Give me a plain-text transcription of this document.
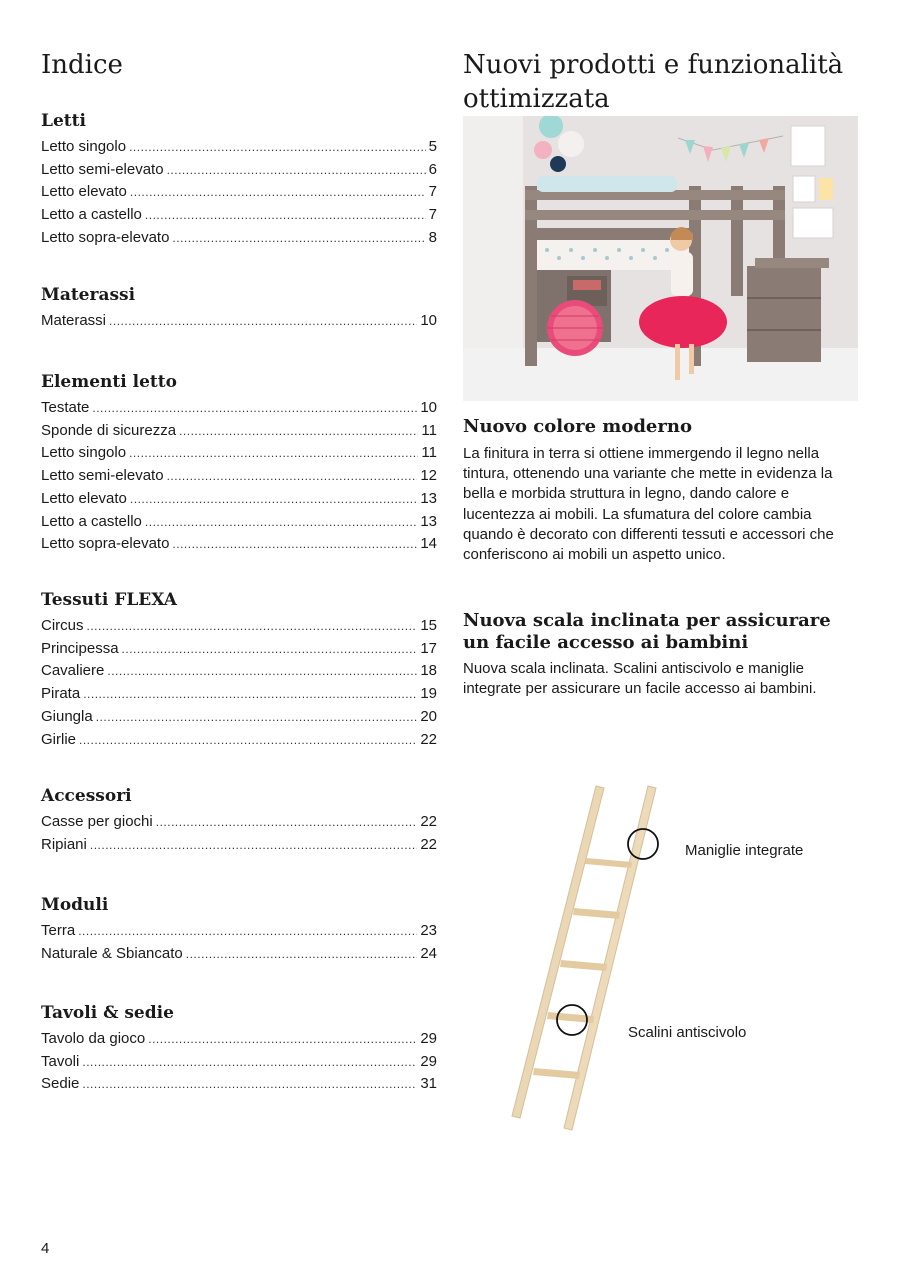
Indice
Letti
Letto singolo .....	5
Letto semi-elevato .....	6
Letto elevato .....	7
Letto a castello .....	7
Letto sopra-elevato .....	8
Materassi
Materassi .....	10
Elementi letto
Testate .....	10
Sponde di sicurezza .....	11
Letto singolo .....	11
Letto semi-elevato .....	12
Letto elevato .....	13
Letto a castello .....	13
Letto sopra-elevato .....	14
Tessuti FLEXA
Circus .....	15
Principessa .....	17
Cavaliere .....	18
Pirata .....	19
Giungla .....	20
Girlie .....	22
Accessori
Casse per giochi .....	22
Ripiani .....	22
Moduli
Terra .....	23
Naturale & Sbiancato .....	24
Tavoli & sedie
Tavolo da gioco .....	29
Tavoli .....	29
Sedie .....	31
Nuovi prodotti e funzionalità ottimizzata
Nuovo colore moderno

La finitura in terra si ottiene immergendo il legno nella tintura, ottenendo una variante che mette in evidenza la bella e morbida struttura in legno, dando calore e lucentezza ai mobili. La sfumatura del colore cambia quando è decorato con differenti tessuti e accessori che conferiscono ai mobili un aspetto unico.

Nuova scala inclinata per assicurare un facile accesso ai bambini

Nuova scala inclinata. Scalini antiscivolo e maniglie integrate per assicurare un facile accesso ai bambini.

Maniglie integrate
Scalini antiscivolo
4
